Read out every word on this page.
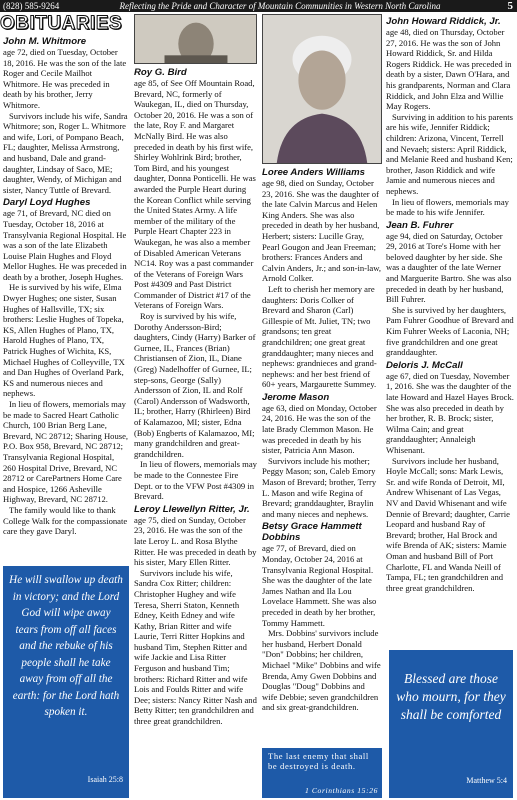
(828) 585-9264	Reflecting the Pride and Character of Mountain Communities in Western North Carolina	5
OBITUARIES
John M. Whitmore
age 72, died on Tuesday, October 18, 2016. He was the son of the late Roger and Cecile Mailhot Whitmore. He was preceded in death by his brother, Jerry Whitmore.
Survivors include his wife, Sandra Whitmore; son, Roger L. Whitmore and wife, Lori, of Pompano Beach, FL; daughter, Melissa Armstrong, and husband, Dale and grand-daughter, Lindsay of Saco, ME; daughter, Wendy, of Michigan and sister, Nancy Tuttle of Brevard.
Daryl Loyd Hughes
age 71, of Brevard, NC died on Tuesday, October 18, 2016 at Transylvania Regional Hospital. He was a son of the late Elizabeth Louise Plain Hughes and Floyd Mellor Hughes. He was preceded in death by a brother, Joseph Hughes.
He is survived by his wife, Elma Dwyer Hughes; one sister, Susan Hughes of Hallsville, TX; six brothers: Leslie Hughes of Topeka, KS, Allen Hughes of Plano, TX, Harold Hughes of Plano, TX, Patrick Hughes of Wichita, KS, Michael Hughes of Colleyville, TX and Dan Hughes of Overland Park, KS and numerous nieces and nephews.
In lieu of flowers, memorials may be made to Sacred Heart Catholic Church, 100 Brian Berg Lane, Brevard, NC 28712; Sharing House, P.O. Box 958, Brevard, NC 28712; Transylvania Regional Hospital, 260 Hospital Drive, Brevard, NC 28712 or CarePartners Home Care and Hospice, 1266 Asheville Highway, Brevard, NC 28712.
The family would like to thank College Walk for the compassionate care they gave Daryl.
Roy G. Bird
age 85, of See Off Mountain Road, Brevard, NC, formerly of Waukegan, IL, died on Thursday, October 20, 2016. He was a son of the late, Roy F. and Margaret McNally Bird. He was also preceded in death by his first wife, Shirley Wohlrink Bird; brother, Tom Bird, and his youngest daughter, Donna Ponticelli. He was awarded the Purple Heart during the Korean Conflict while serving the United States Army. A life member of the military of the Purple Heart Chapter 223 in Waukegan, he was also a member of Disabled American Veterans NC14. Roy was a past commander of the Veterans of Foreign Wars Post #4309 and Past District Commander of District #17 of the Veterans of Foreign Wars.
Roy is survived by his wife, Dorothy Andersson-Bird; daughters, Cindy (Harry) Barker of Gurnee, IL, Frances (Brian) Christiansen of Zion, IL, Diane (Greg) Nadelhoffer of Gurnee, IL; step-sons, George (Sally) Andersson of Zion, IL and Rolf (Carol) Andersson of Wadsworth, IL; brother, Harry (Rhirleen) Bird of Kalamazoo, MI; sister, Edna (Bob) Engberts of Kalamazoo, MI; many grandchildren and great-grandchildren.
In lieu of flowers, memorials may be made to the Connestee Fire Dept. or to the VFW Post #4309 in Brevard.
Leroy Llewellyn Ritter, Jr.
age 75, died on Sunday, October 23, 2016. He was the son of the late Leroy L. and Rosa Blythe Ritter. He was preceded in death by his sister, Mary Ellen Ritter.
Survivors include his wife, Sandra Cox Ritter; children: Christopher Hughey and wife Teresa, Sherri Staton, Kenneth Edney, Keith Edney and wife Kathy, Brian Ritter and wife Laurie, Terri Ritter Hopkins and husband Tim, Stephen Ritter and wife Jackie and Lisa Ritter Ferguson and husband Tim; brothers: Richard Ritter and wife Lois and Foulds Ritter and wife Dee; sisters: Nancy Ritter Nash and Betty Ritter; ten grandchildren and three great grandchildren.
Loree Anders Williams
age 98, died on Sunday, October 23, 2016. She was the daughter of the late Calvin Marcus and Helen King Anders. She was also preceded in death by her husband, Herbert; sisters: Lucille Gray, Pearl Gougon and Jean Freeman; brothers: Frances Anders and Calvin Anders, Jr.; and son-in-law, Arnold Colker.
Left to cherish her memory are daughters: Doris Colker of Brevard and Sharon (Carl) Gillespie of Mt. Juliet, TN; two grandsons; ten great grandchildren; one great great granddaughter; many nieces and nephews: grandnieces and grand-nephews: and her best friend of 60+ years, Margaurette Summey.
Jerome Mason
age 63, died on Monday, October 24, 2016. He was the son of the late Brady Clemmon Mason. He was preceded in death by his sister, Patricia Ann Mason.
Survivors include his mother; Peggy Mason; son, Caleb Emory Mason of Brevard; brother, Terry L. Mason and wife Regina of Brevard; granddaughter, Braylin and many nieces and nephews.
Betsy Grace Hammett Dobbins
age 77, of Brevard, died on Monday, October 24, 2016 at Transylvania Regional Hospital. She was the daughter of the late James Nathan and Ila Lou Lovelace Hammett. She was also preceded in death by her brother, Tommy Hammett.
Mrs. Dobbins' survivors include her husband, Herbert Donald "Don" Dobbins; her children, Michael "Mike" Dobbins and wife Brenda, Amy Gwen Dobbins and Douglas "Doug" Dobbins and wife Debbie; seven grandchildren and six great-grandchildren.
John Howard Riddick, Jr.
age 48, died on Thursday, October 27, 2016. He was the son of John Howard Riddick, Sr. and Hilda Rogers Riddick. He was preceded in death by a sister, Dawn O'Hara, and his grandparents, Norman and Clara Riddick, and John Elza and Willie May Rogers.
Surviving in addition to his parents are his wife, Jennifer Riddick; children: Arizona, Vincent, Terrell and Nevaeh; sisters: April Riddick, and Melanie Reed and husband Ken; brother, Jason Riddick and wife Jamie and numerous nieces and nephews.
In lieu of flowers, memorials may be made to his wife Jennifer.
Jean B. Fuhrer
age 94, died on Saturday, October 29, 2016 at Tore's Home with her beloved daughter by her side. She was a daughter of the late Werner and Marguerite Bartro. She was also preceded in death by her husband, Bill Fuhrer.
She is survived by her daughters, Pam Fuhrer Goodhue of Brevard and Kim Fuhrer Weeks of Laconia, NH; five grandchildren and one great granddaughter.
Deloris J. McCall
age 67, died on Tuesday, November 1, 2016. She was the daughter of the late Howard and Hazel Hayes Brock. She was also preceded in death by her brother, R. B. Brock; sister, Wilma Cain; and great granddaughter; Annaleigh Whisenant.
Survivors include her husband, Hoyle McCall; sons: Mark Lewis, Sr. and wife Ronda of Detroit, MI, Andrew Whisenant of Las Vegas, NV and David Whisenant and wife Dennie of Brevard; daughter, Carrie Leopard and husband Ray of Brevard; brother, Hal Brock and wife Brenda of AK; sisters: Mamie Oman and husband Bill of Port Charlotte, FL and Wanda Neill of Tampa, FL; ten grandchildren and three great grandchildren.
He will swallow up death in victory; and the Lord God will wipe away tears from off all faces and the rebuke of his people shall he take away from off all the earth: for the Lord hath spoken it.
Isaiah 25:8
The last enemy that shall be destroyed is death.
1 Corinthians 15:26
Blessed are those who mourn, for they shall be comforted
Matthew 5:4
